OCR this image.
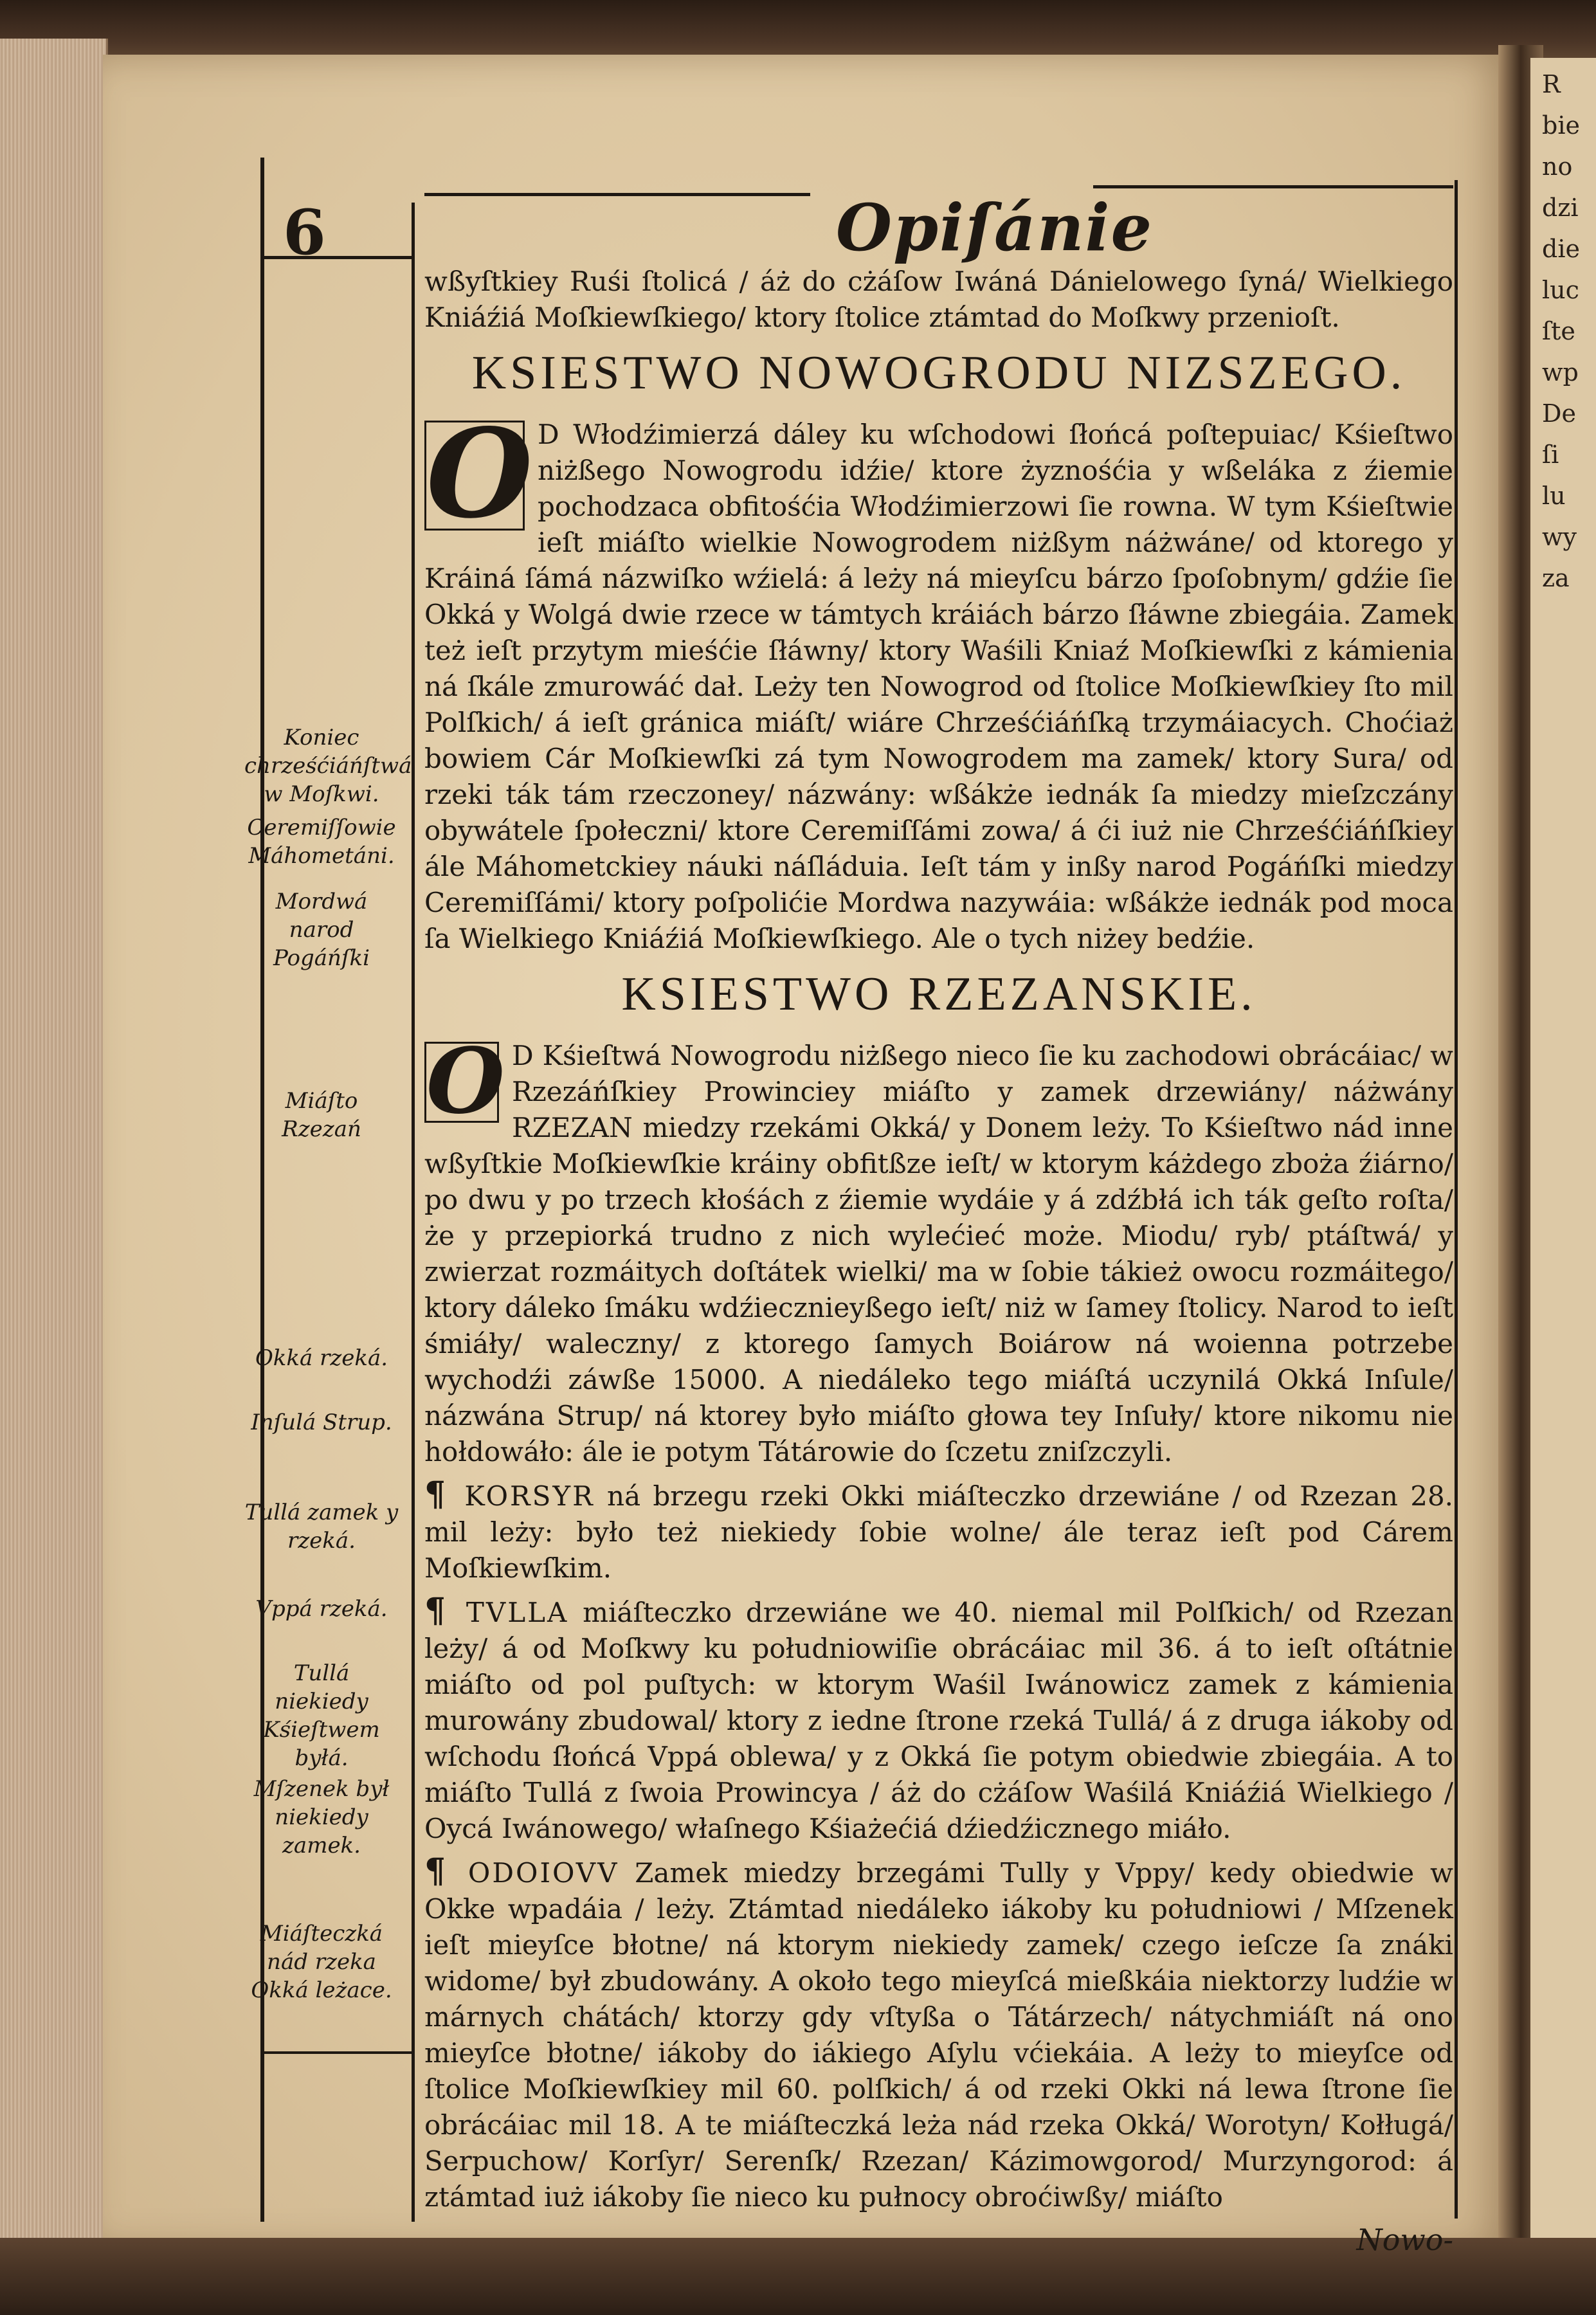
R
bie
no
dzi
die
luc
ſte
wp
De
ſi
lu
wy
za
6	Opiſánie

wßyſtkiey Ruśi ſtolicá / áż do cżáſow Iwáná Dánielowego ſyná/ Wielkiego Kniáźiá Moſkiewſkiego/ ktory ſtolice ztámtad do Moſkwy przenioſt.

KSIESTWO NOWOGRODU NIZSZEGO.

O D Włodźimierzá dáley ku wſchodowi ſłońcá poſtepuiac/ Kśieſtwo niżßego Nowogrodu idźie/ ktore żyznośćia y wßeláka z źiemie pochodzaca obfitośćia Włodźimierzowi ſie rowna. W tym Kśieſtwie ieſt miáſto wielkie Nowogrodem niżßym náżwáne/ od ktorego y Kráiná ſámá názwiſko wźielá: á leży ná mieyſcu bárzo ſpoſobnym/ gdźie ſie Okká y Wolgá dwie rzece w támtych kráiách bárzo ſłáwne zbiegáia. Zamek też ieſt przytym mieśćie ſłáwny/ ktory Waśili Kniaź Moſkiewſki z kámienia ná ſkále zmurowáć dał. Leży ten Nowogrod od ſtolice Moſkiewſkiey ſto mil Polſkich/ á ieſt gránica miáſt/ wiáre Chrześćiáńſką trzymáiacych. Choćiaż bowiem Cár Moſkiewſki zá tym Nowogrodem ma zamek/ ktory Sura/ od rzeki ták tám rzeczoney/ názwány: wßákże iednák ſa miedzy mieſzczány obywátele ſpołeczni/ ktore Ceremiſſámi zowa/ á ći iuż nie Chrześćiáńſkiey ále Máhometckiey náuki náſláduia. Ieſt tám y inßy narod Pogáńſki miedzy Ceremiſſámi/ ktory poſpolićie Mordwa nazywáia: wßákże iednák pod moca ſa Wielkiego Kniáźiá Moſkiewſkiego. Ale o tych niżey bedźie.

KSIESTWO RZEZANSKIE.

O D Kśieſtwá Nowogrodu niżßego nieco ſie ku zachodowi obrácáiac/ w Rzezáńſkiey Prowinciey miáſto y zamek drzewiány/ náżwány RZEZAN miedzy rzekámi Okká/ y Donem leży. To Kśieſtwo nád inne wßyſtkie Moſkiewſkie kráiny obfitßze ieſt/ w ktorym káżdego zboża źiárno/ po dwu y po trzech kłośách z źiemie wydáie y á zdźbłá ich ták geſto roſta/ że y przepiorká trudno z nich wylećieć może. Miodu/ ryb/ ptáſtwá/ y zwierzat rozmáitych doſtátek wielki/ ma w ſobie tákież owocu rozmáitego/ ktory dáleko ſmáku wdźiecznieyßego ieſt/ niż w ſamey ſtolicy. Narod to ieſt śmiáły/ waleczny/ z ktorego ſamych Boiárow ná woienna potrzebe wychodźi záwße 15000. A niedáleko tego miáſtá uczynilá Okká Inſule/ názwána Strup/ ná ktorey było miáſto głowa tey Inſuły/ ktore nikomu nie hołdowáło: ále ie potym Tátárowie do ſczetu zniſzczyli.

¶ KORSYR ná brzegu rzeki Okki miáſteczko drzewiáne / od Rzezan 28. mil leży: było też niekiedy ſobie wolne/ ále teraz ieſt pod Cárem Moſkiewſkim.

¶ TVLLA miáſteczko drzewiáne we 40. niemal mil Polſkich/ od Rzezan leży/ á od Moſkwy ku południowiſie obrácáiac mil 36. á to ieſt oſtátnie miáſto od pol puſtych: w ktorym Waśil Iwánowicz zamek z kámienia murowány zbudowal/ ktory z iedne ſtrone rzeká Tullá/ á z druga iákoby od wſchodu ſłońcá Vppá oblewa/ y z Okká ſie potym obiedwie zbiegáia. A to miáſto Tullá z ſwoia Prowincya / áż do cżáſow Waśilá Kniáźiá Wielkiego / Oycá Iwánowego/ właſnego Kśiażećiá dźiedźicznego miáło.

¶ ODOIOVV Zamek miedzy brzegámi Tully y Vppy/ kedy obiedwie w Okke wpadáia / leży. Ztámtad niedáleko iákoby ku południowi / Mſzenek ieſt mieyſce błotne/ ná ktorym niekiedy zamek/ czego ieſcze ſa znáki widome/ był zbudowány. A około tego mieyſcá mießkáia niektorzy ludźie w márnych chátách/ ktorzy gdy vſtyßa o Tátárzech/ nátychmiáſt ná ono mieyſce błotne/ iákoby do iákiego Aſylu vćiekáia. A leży to mieyſce od ſtolice Moſkiewſkiey mil 60. polſkich/ á od rzeki Okki ná lewa ſtrone ſie obrácáiac mil 18. A te miáſteczká leża nád rzeka Okká/ Worotyn/ Kołługá/ Serpuchow/ Korſyr/ Serenſk/ Rzezan/ Kázimowgorod/ Murzyngorod: á ztámtad iuż iákoby ſie nieco ku pułnocy obroćiwßy/ miáſto

Nowo-
Koniec chrześćiáńſtwá w Moſkwi.
Ceremiſſowie Máhometáni.
Mordwá narod Pogáńſki
Miáſto Rzezań
Okká rzeká.
Inſulá Strup.
Tullá zamek y rzeká.
Vppá rzeká.
Tullá niekiedy Kśieſtwem byłá.
Mſzenek był niekiedy zamek.
Miáſteczká nád rzeka Okká leżace.
